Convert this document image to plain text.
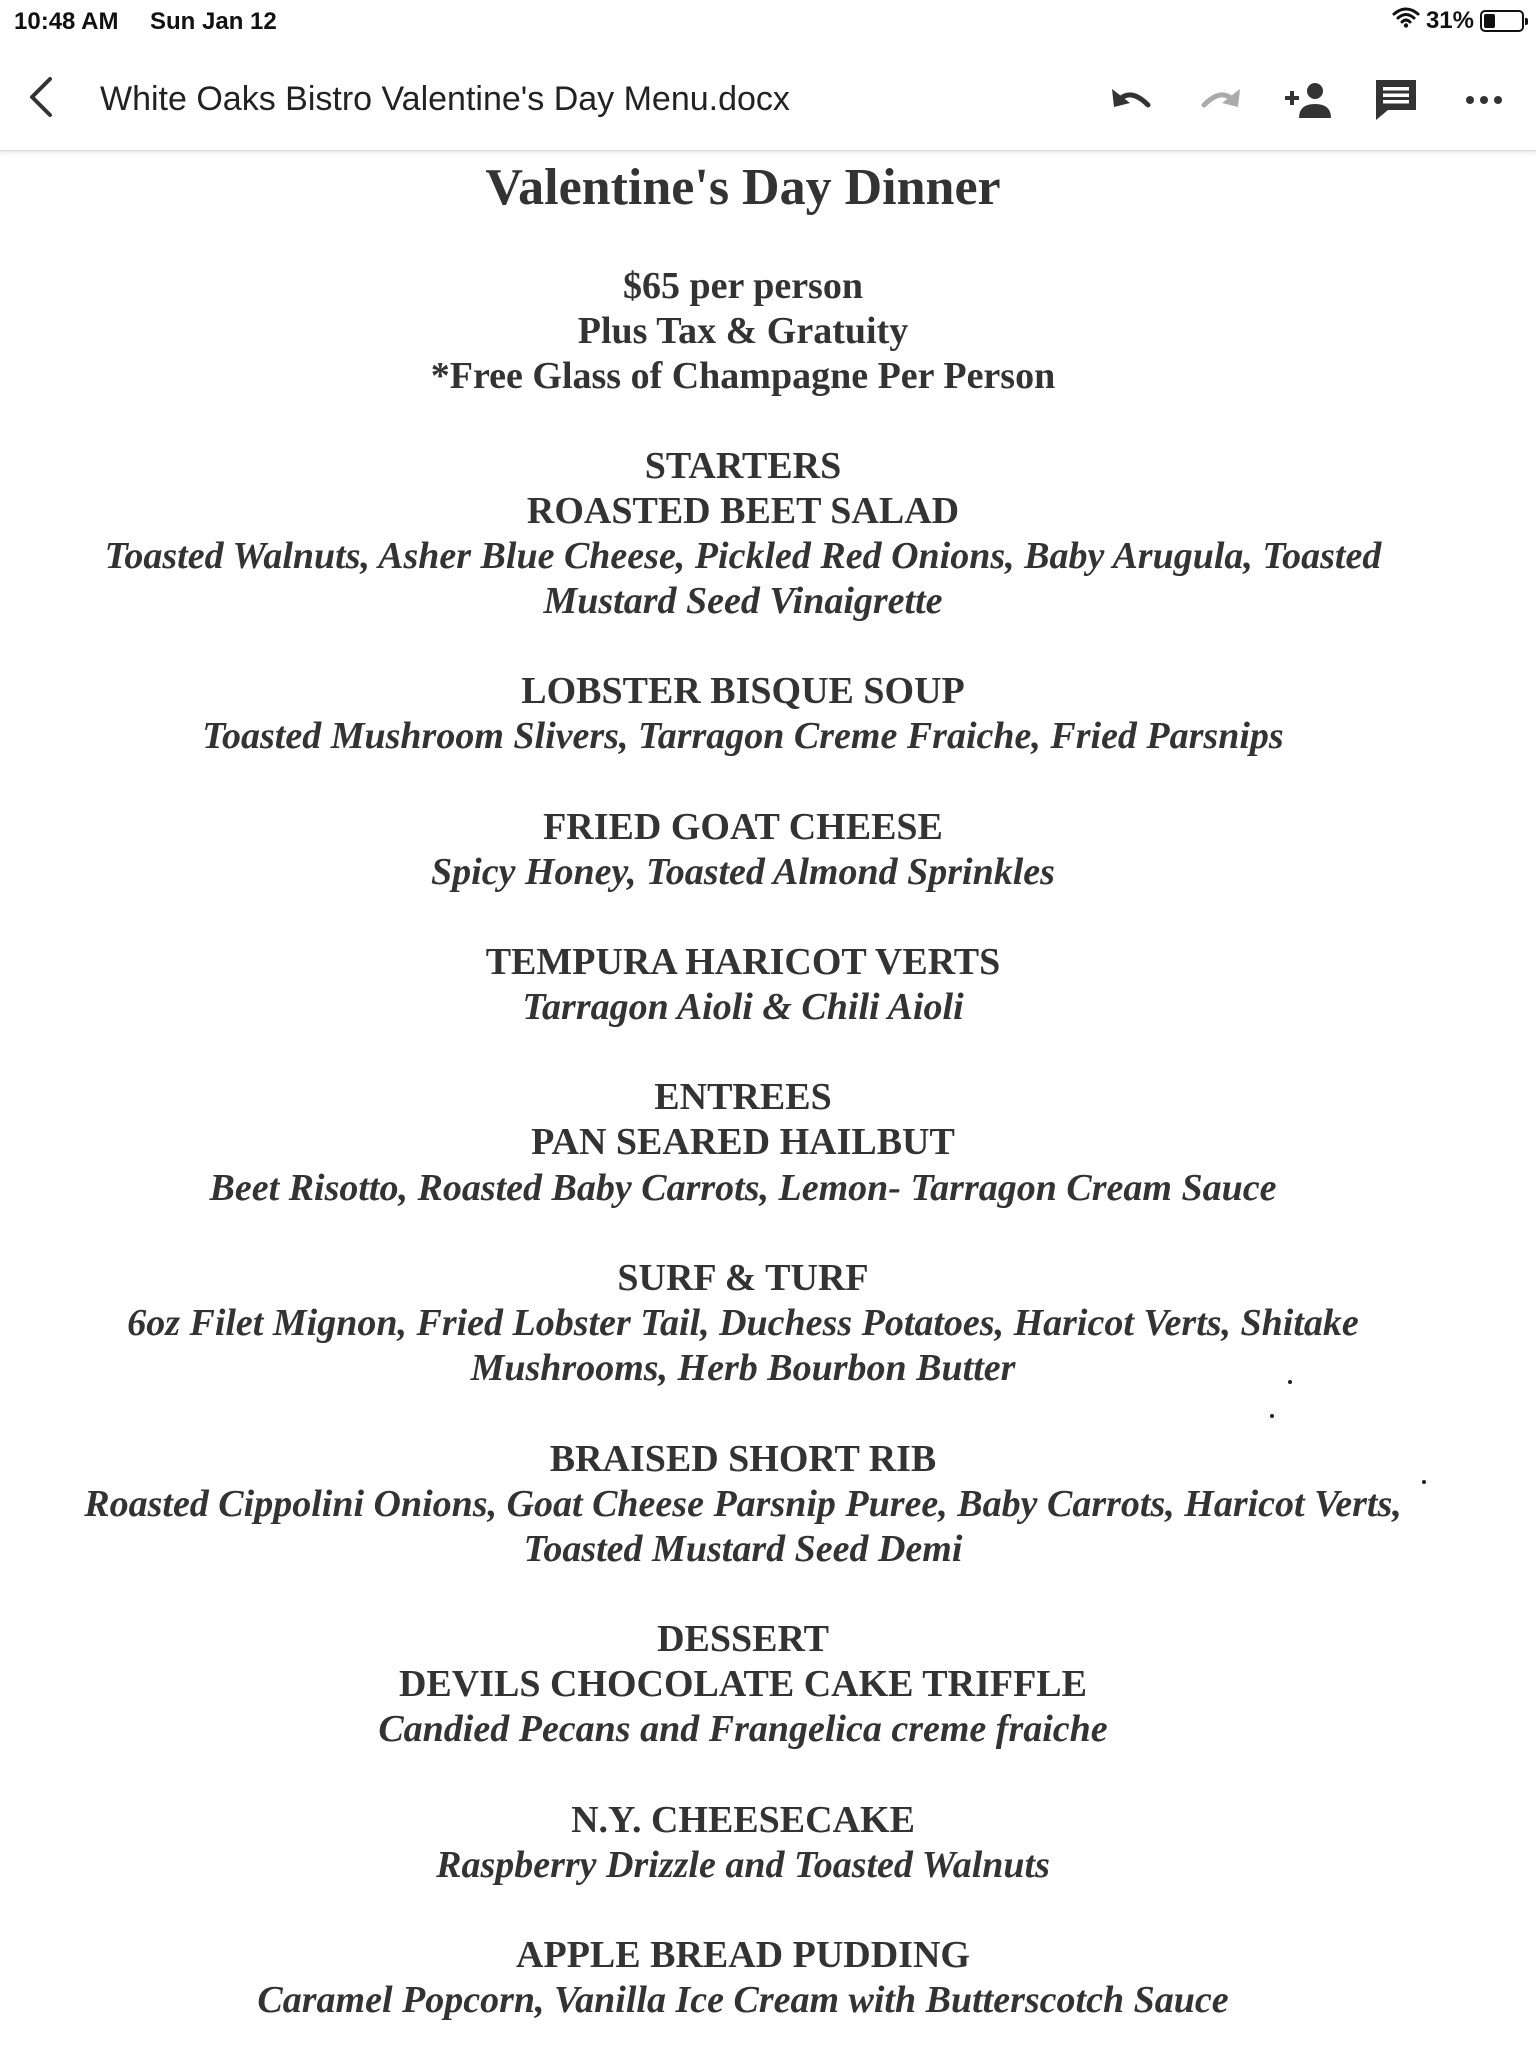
10:48 AM Sun Jan 12	31%
White Oaks Bistro Valentine's Day Menu.docx
Valentine's Day Dinner
$65 per person
Plus Tax & Gratuity
*Free Glass of Champagne Per Person
STARTERS
ROASTED BEET SALAD
Toasted Walnuts, Asher Blue Cheese, Pickled Red Onions, Baby Arugula, Toasted
Mustard Seed Vinaigrette
LOBSTER BISQUE SOUP
Toasted Mushroom Slivers, Tarragon Creme Fraiche, Fried Parsnips
FRIED GOAT CHEESE
Spicy Honey, Toasted Almond Sprinkles
TEMPURA HARICOT VERTS
Tarragon Aioli & Chili Aioli
ENTREES
PAN SEARED HAILBUT
Beet Risotto, Roasted Baby Carrots, Lemon- Tarragon Cream Sauce
SURF & TURF
6oz Filet Mignon, Fried Lobster Tail, Duchess Potatoes, Haricot Verts, Shitake
Mushrooms, Herb Bourbon Butter
BRAISED SHORT RIB
Roasted Cippolini Onions, Goat Cheese Parsnip Puree, Baby Carrots, Haricot Verts,
Toasted Mustard Seed Demi
DESSERT
DEVILS CHOCOLATE CAKE TRIFFLE
Candied Pecans and Frangelica creme fraiche
N.Y. CHEESECAKE
Raspberry Drizzle and Toasted Walnuts
APPLE BREAD PUDDING
Caramel Popcorn, Vanilla Ice Cream with Butterscotch Sauce
